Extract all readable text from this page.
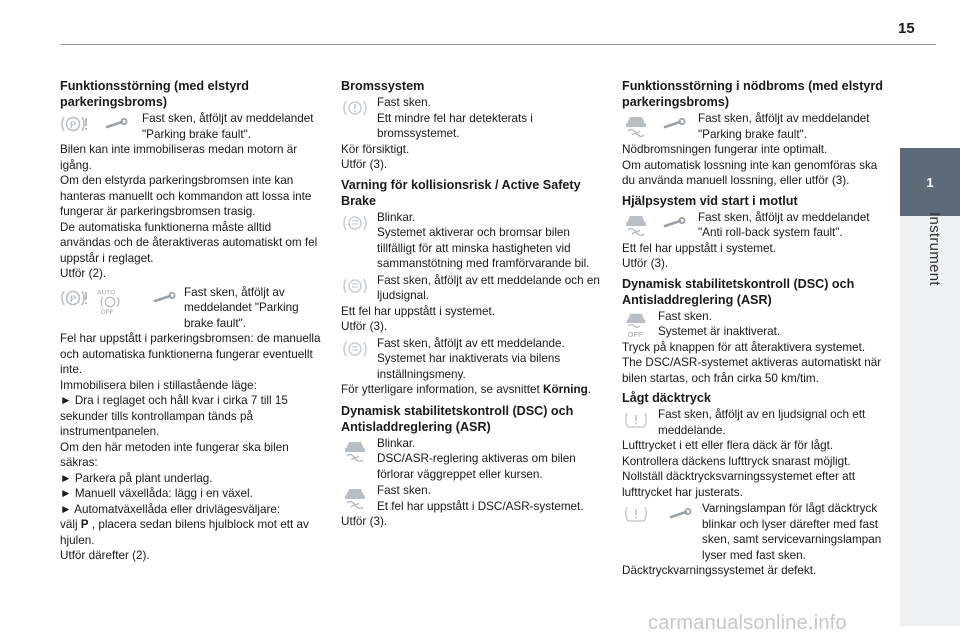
15
1
Instrument
Funktionsstörning (med elstyrd parkeringsbroms)
P	Fast sken, åtföljt av meddelandet "Parking brake fault".

Bilen kan inte immobiliseras medan motorn är igång.

Om den elstyrda parkeringsbromsen inte kan hanteras manuellt och kommandon att lossa inte fungerar är parkeringsbromsen trasig.

De automatiska funktionerna måste alltid användas och de återaktiveras automatiskt om fel uppstår i reglaget.

Utför (2).

P
AUTO
OFF

Fast sken, åtföljt av meddelandet "Parking brake fault".

Fel har uppstått i parkeringsbromsen: de manuella och automatiska funktionerna fungerar eventuellt inte.

Immobilisera bilen i stillastående läge:

► Dra i reglaget och håll kvar i cirka 7 till 15 sekunder tills kontrollampan tänds på instrumentpanelen.

Om den här metoden inte fungerar ska bilen säkras:

► Parkera på plant underlag.

► Manuell växellåda: lägg i en växel.

► Automatväxellåda eller drivlägesväljare:

välj P , placera sedan bilens hjulblock mot ett av hjulen.

Utför därefter (2).

Bromssystem

Fast sken.

Ett mindre fel har detekterats i bromssystemet.

Kör försiktigt.

Utför (3).

Varning för kollisionsrisk / Active Safety Brake

Blinkar.

Systemet aktiverar och bromsar bilen tillfälligt för att minska hastigheten vid sammanstötning med framförvarande bil.

Fast sken, åtföljt av ett meddelande och en ljudsignal.

Ett fel har uppstått i systemet.

Utför (3).

Fast sken, åtföljt av ett meddelande.

Systemet har inaktiverats via bilens inställningsmeny.

För ytterligare information, se avsnittet Körning.

Dynamisk stabilitetskontroll (DSC) och Antisladdreglering (ASR)

Blinkar.

DSC/ASR-reglering aktiveras om bilen förlorar väggreppet eller kursen.

Fast sken.

Et fel har uppstått i DSC/ASR-systemet.

Utför (3).

Funktionsstörning i nödbroms (med elstyrd parkeringsbroms)

Fast sken, åtföljt av meddelandet "Parking brake fault".

Nödbromsningen fungerar inte optimalt.

Om automatisk lossning inte kan genomföras ska du använda manuell lossning, eller utför (3).

Hjälpsystem vid start i motlut

Fast sken, åtföljt av meddelandet "Anti roll-back system fault".

Ett fel har uppstått i systemet.

Utför (3).

Dynamisk stabilitetskontroll (DSC) och Antisladdreglering (ASR)
OFF

Fast sken.

Systemet är inaktiverat.

Tryck på knappen för att återaktivera systemet.

The DSC/ASR-systemet aktiveras automatiskt när bilen startas, och från cirka 50 km/tim.

Lågt däcktryck

Fast sken, åtföljt av en ljudsignal och ett meddelande.

Lufttrycket i ett eller flera däck är för lågt.

Kontrollera däckens lufttryck snarast möjligt.

Nollställ däcktrycksvarningssystemet efter att lufttrycket har justerats.

Varningslampan för lågt däcktryck blinkar och lyser därefter med fast sken, samt servicevarningslampan lyser med fast sken.

Däcktryckvarningssystemet är defekt.

carmanualsonline.info
